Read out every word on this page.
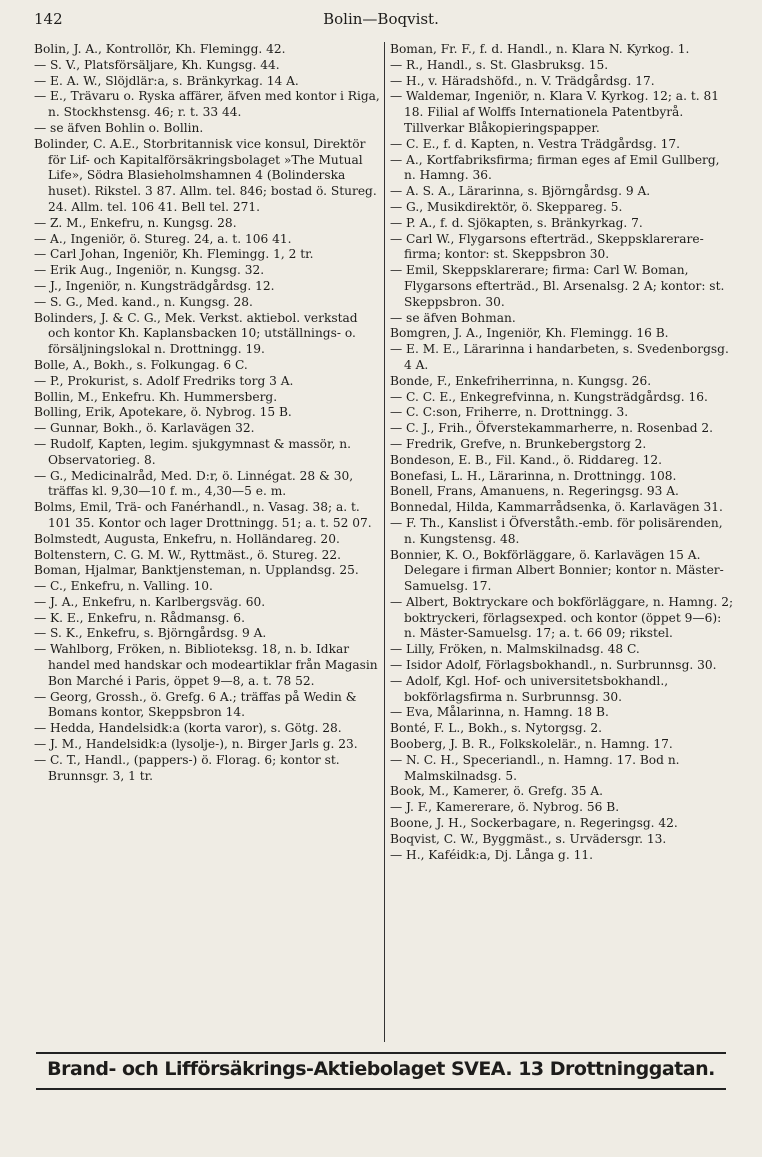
142	Bolin—Boqvist.

Bolin, J. A., Kontrollör, Kh. Flemingg. 42.

— S. V., Platsförsäljare, Kh. Kungsg. 44.

— E. A. W., Slöjdlär:a, s. Bränkyrkag. 14 A.

— E., Trävaru o. Ryska affärer, äfven med kontor i Riga, n. Stockhstensg. 46; r. t. 33 44.

— se äfven Bohlin o. Bollin.

Bolinder, C. A.E., Storbritannisk vice konsul, Direktör för Lif- och Kapitalförsäkringsbolaget »The Mutual Life», Södra Blasieholmshamnen 4 (Bolinderska huset). Rikstel. 3 87. Allm. tel. 846; bostad ö. Stureg. 24. Allm. tel. 106 41. Bell tel. 271.

— Z. M., Enkefru, n. Kungsg. 28.

— A., Ingeniör, ö. Stureg. 24, a. t. 106 41.

— Carl Johan, Ingeniör, Kh. Flemingg. 1, 2 tr.

— Erik Aug., Ingeniör, n. Kungsg. 32.

— J., Ingeniör, n. Kungsträdgårdsg. 12.

— S. G., Med. kand., n. Kungsg. 28.

Bolinders, J. & C. G., Mek. Verkst. aktiebol. verkstad och kontor Kh. Kaplansbacken 10; utställnings- o. försäljningslokal n. Drottningg. 19.

Bolle, A., Bokh., s. Folkungag. 6 C.

— P., Prokurist, s. Adolf Fredriks torg 3 A.

Bollin, M., Enkefru. Kh. Hummersberg.

Bolling, Erik, Apotekare, ö. Nybrog. 15 B.

— Gunnar, Bokh., ö. Karlavägen 32.

— Rudolf, Kapten, legim. sjukgymnast & massör, n. Observatorieg. 8.

— G., Medicinalråd, Med. D:r, ö. Linnégat. 28 & 30, träffas kl. 9,30—10 f. m., 4,30—5 e. m.

Bolms, Emil, Trä- och Fanérhandl., n. Vasag. 38; a. t. 101 35. Kontor och lager Drottningg. 51; a. t. 52 07.

Bolmstedt, Augusta, Enkefru, n. Holländareg. 20.

Boltenstern, C. G. M. W., Ryttmäst., ö. Stureg. 22.

Boman, Hjalmar, Banktjensteman, n. Upplandsg. 25.

— C., Enkefru, n. Valling. 10.

— J. A., Enkefru, n. Karlbergsväg. 60.

— K. E., Enkefru, n. Rådmansg. 6.

— S. K., Enkefru, s. Björngårdsg. 9 A.

— Wahlborg, Fröken, n. Biblioteksg. 18, n. b. Idkar handel med handskar och modeartiklar från Magasin Bon Marché i Paris, öppet 9—8, a. t. 78 52.

— Georg, Grossh., ö. Grefg. 6 A.; träffas på Wedin & Bomans kontor, Skeppsbron 14.

— Hedda, Handelsidk:a (korta varor), s. Götg. 28.

— J. M., Handelsidk:a (lysolje-), n. Birger Jarls g. 23.

— C. T., Handl., (pappers-) ö. Florag. 6; kontor st. Brunnsgr. 3, 1 tr.

Boman, Fr. F., f. d. Handl., n. Klara N. Kyrkog. 1.

— R., Handl., s. St. Glasbruksg. 15.

— H., v. Häradshöfd., n. V. Trädgårdsg. 17.

— Waldemar, Ingeniör, n. Klara V. Kyrkog. 12; a. t. 81 18. Filial af Wolffs Internationela Patentbyrå. Tillverkar Blåkopieringspapper.

— C. E., f. d. Kapten, n. Vestra Trädgårdsg. 17.

— A., Kortfabriksfirma; firman eges af Emil Gullberg, n. Hamng. 36.

— A. S. A., Lärarinna, s. Björngårdsg. 9 A.

— G., Musikdirektör, ö. Skeppareg. 5.

— P. A., f. d. Sjökapten, s. Bränkyrkag. 7.

— Carl W., Flygarsons efterträd., Skeppsklarerare-firma; kontor: st. Skeppsbron 30.

— Emil, Skeppsklarerare; firma: Carl W. Boman, Flygarsons efterträd., Bl. Arsenalsg. 2 A; kontor: st. Skeppsbron. 30.

— se äfven Bohman.

Bomgren, J. A., Ingeniör, Kh. Flemingg. 16 B.

— E. M. E., Lärarinna i handarbeten, s. Svedenborgsg. 4 A.

Bonde, F., Enkefriherrinna, n. Kungsg. 26.

— C. C. E., Enkegrefvinna, n. Kungsträdgårdsg. 16.

— C. C:son, Friherre, n. Drottningg. 3.

— C. J., Frih., Öfverstekammarherre, n. Rosenbad 2.

— Fredrik, Grefve, n. Brunkebergstorg 2.

Bondeson, E. B., Fil. Kand., ö. Riddareg. 12.

Bonefasi, L. H., Lärarinna, n. Drottningg. 108.

Bonell, Frans, Amanuens, n. Regeringsg. 93 A.

Bonnedal, Hilda, Kammarrådsenka, ö. Karlavägen 31.

— F. Th., Kanslist i Öfverståth.-emb. för polisärenden, n. Kungstensg. 48.

Bonnier, K. O., Bokförläggare, ö. Karlavägen 15 A. Delegare i firman Albert Bonnier; kontor n. Mäster-Samuelsg. 17.

— Albert, Boktryckare och bokförläggare, n. Hamng. 2; boktryckeri, förlagsexped. och kontor (öppet 9—6): n. Mäster-Samuelsg. 17; a. t. 66 09; rikstel.

— Lilly, Fröken, n. Malmskilnadsg. 48 C.

— Isidor Adolf, Förlagsbokhandl., n. Surbrunnsg. 30.

— Adolf, Kgl. Hof- och universitetsbokhandl., bokförlagsfirma n. Surbrunnsg. 30.

— Eva, Målarinna, n. Hamng. 18 B.

Bonté, F. L., Bokh., s. Nytorgsg. 2.

Booberg, J. B. R., Folkskolelär., n. Hamng. 17.

— N. C. H., Speceriandl., n. Hamng. 17. Bod n. Malmskilnadsg. 5.

Book, M., Kamerer, ö. Grefg. 35 A.

— J. F., Kamererare, ö. Nybrog. 56 B.

Boone, J. H., Sockerbagare, n. Regeringsg. 42.

Boqvist, C. W., Byggmäst., s. Urvädersgr. 13.

— H., Kaféidk:a, Dj. Långa g. 11.

Brand- och Lifförsäkrings-Aktiebolaget SVEA. 13 Drottninggatan.
